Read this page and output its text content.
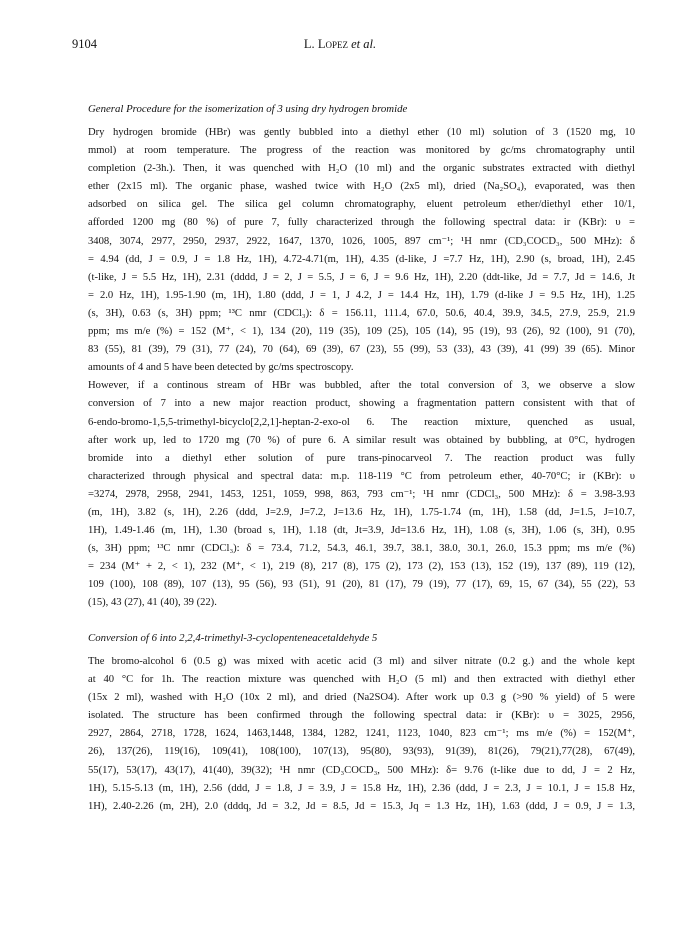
9104	L. Lopez et al.
General Procedure for the isomerization of 3 using dry hydrogen bromide
Dry hydrogen bromide (HBr) was gently bubbled into a diethyl ether (10 ml) solution of 3 (1520 mg, 10
mmol) at room temperature. The progress of the reaction was monitored by gc/ms chromatography until
completion (2-3h.). Then, it was quenched with H₂O (10 ml) and the organic substrates extracted with diethyl
ether (2x15 ml). The organic phase, washed twice with H₂O (2x5 ml), dried (Na₂SO₄), evaporated, was then
adsorbed on silica gel. The silica gel column chromatography, eluent petroleum ether/diethyl ether 10/1,
afforded 1200 mg (80 %) of pure 7, fully characterized through the following spectral data: ir (KBr): υ =
3408, 3074, 2977, 2950, 2937, 2922, 1647, 1370, 1026, 1005, 897 cm⁻¹; ¹H nmr (CD₃COCD₃, 500 MHz): δ
= 4.94 (dd, J = 0.9, J = 1.8 Hz, 1H), 4.72-4.71(m, 1H), 4.35 (d-like, J =7.7 Hz, 1H), 2.90 (s, broad, 1H), 2.45
(t-like, J = 5.5 Hz, 1H), 2.31 (dddd, J = 2, J = 5.5, J = 6, J = 9.6 Hz, 1H), 2.20 (ddt-like, Jd = 7.7, Jd = 14.6, Jt
= 2.0 Hz, 1H), 1.95-1.90 (m, 1H), 1.80 (ddd, J = 1, J 4.2, J = 14.4 Hz, 1H), 1.79 (d-like J = 9.5 Hz, 1H), 1.25
(s, 3H), 0.63 (s, 3H) ppm; ¹³C nmr (CDCl₃): δ = 156.11, 111.4, 67.0, 50.6, 40.4, 39.9, 34.5, 27.9, 25.9, 21.9
ppm; ms m/e (%) = 152 (M⁺, < 1), 134 (20), 119 (35), 109 (25), 105 (14), 95 (19), 93 (26), 92 (100), 91 (70),
83 (55), 81 (39), 79 (31), 77 (24), 70 (64), 69 (39), 67 (23), 55 (99), 53 (33), 43 (39), 41 (99) 39 (65). Minor
amounts of 4 and 5 have been detected by gc/ms spectroscopy.
However, if a continous stream of HBr was bubbled, after the total conversion of 3, we observe a slow
conversion of 7 into a new major reaction product, showing a fragmentation pattern consistent with that of
6-endo-bromo-1,5,5-trimethyl-bicyclo[2,2,1]-heptan-2-exo-ol 6. The reaction mixture, quenched as usual,
after work up, led to 1720 mg (70 %) of pure 6. A similar result was obtained by bubbling, at 0°C, hydrogen
bromide into a diethyl ether solution of pure trans-pinocarveol 7. The reaction product was fully
characterized through physical and spectral data: m.p. 118-119 °C from petroleum ether, 40-70°C; ir (KBr): υ
=3274, 2978, 2958, 2941, 1453, 1251, 1059, 998, 863, 793 cm⁻¹; ¹H nmr (CDCl₃, 500 MHz): δ = 3.98-3.93
(m, 1H), 3.82 (s, 1H), 2.26 (ddd, J=2.9, J=7.2, J=13.6 Hz, 1H), 1.75-1.74 (m, 1H), 1.58 (dd, J=1.5, J=10.7,
1H), 1.49-1.46 (m, 1H), 1.30 (broad s, 1H), 1.18 (dt, Jt=3.9, Jd=13.6 Hz, 1H), 1.08 (s, 3H), 1.06 (s, 3H), 0.95
(s, 3H) ppm; ¹³C nmr (CDCl₃): δ = 73.4, 71.2, 54.3, 46.1, 39.7, 38.1, 38.0, 30.1, 26.0, 15.3 ppm; ms m/e (%)
= 234 (M⁺ + 2, < 1), 232 (M⁺, < 1), 219 (8), 217 (8), 175 (2), 173 (2), 153 (13), 152 (19), 137 (89), 119 (12),
109 (100), 108 (89), 107 (13), 95 (56), 93 (51), 91 (20), 81 (17), 79 (19), 77 (17), 69, 15, 67 (34), 55 (22), 53
(15), 43 (27), 41 (40), 39 (22).
Conversion of 6 into 2,2,4-trimethyl-3-cyclopenteneacetaldehyde 5
The bromo-alcohol 6 (0.5 g) was mixed with acetic acid (3 ml) and silver nitrate (0.2 g.) and the whole kept
at 40 °C for 1h. The reaction mixture was quenched with H₂O (5 ml) and then extracted with diethyl ether
(15x 2 ml), washed with H₂O (10x 2 ml), and dried (Na2SO4). After work up 0.3 g (>90 % yield) of 5 were
isolated. The structure has been confirmed through the following spectral data: ir (KBr): υ = 3025, 2956,
2927, 2864, 2718, 1728, 1624, 1463,1448, 1384, 1282, 1241, 1123, 1040, 823 cm⁻¹; ms m/e (%) = 152(M⁺,
26), 137(26), 119(16), 109(41), 108(100), 107(13), 95(80), 93(93), 91(39), 81(26), 79(21),77(28), 67(49),
55(17), 53(17), 43(17), 41(40), 39(32); ¹H nmr (CD₃COCD₃, 500 MHz): δ= 9.76 (t-like due to dd, J = 2 Hz,
1H), 5.15-5.13 (m, 1H), 2.56 (ddd, J = 1.8, J = 3.9, J = 15.8 Hz, 1H), 2.36 (ddd, J = 2.3, J = 10.1, J = 15.8 Hz,
1H), 2.40-2.26 (m, 2H), 2.0 (dddq, Jd = 3.2, Jd = 8.5, Jd = 15.3, Jq = 1.3 Hz, 1H), 1.63 (ddd, J = 0.9, J = 1.3,
